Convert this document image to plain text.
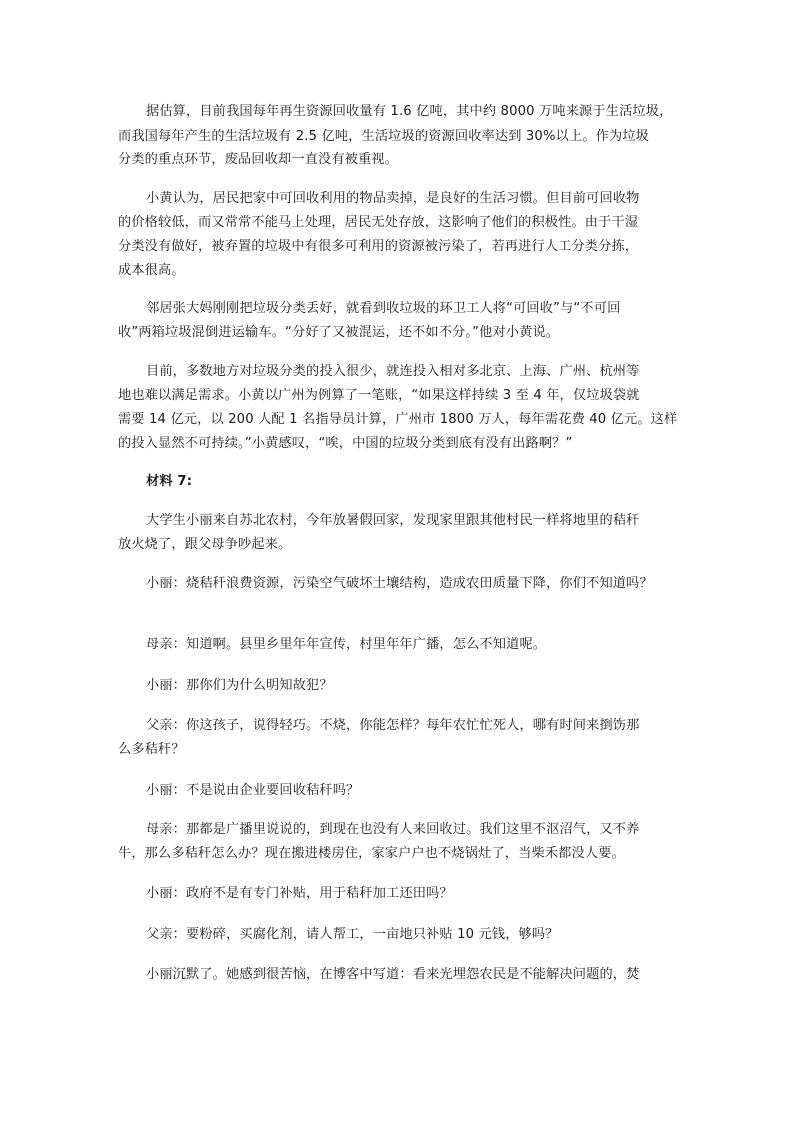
据估算，目前我国每年再生资源回收量有 1.6 亿吨，其中约 8000 万吨来源于生活垃圾，

而我国每年产生的生活垃圾有 2.5 亿吨，生活垃圾的资源回收率达到 30%以上。作为垃圾

分类的重点环节，废品回收却一直没有被重视。

小黄认为，居民把家中可回收利用的物品卖掉，是良好的生活习惯。但目前可回收物

的价格较低，而又常常不能马上处理，居民无处存放，这影响了他们的积极性。由于干湿

分类没有做好，被弃置的垃圾中有很多可利用的资源被污染了，若再进行人工分类分拣，

成本很高。

邻居张大妈刚刚把垃圾分类丢好，就看到收垃圾的环卫工人将“可回收”与“不可回

收”两箱垃圾混倒进运输车。“分好了又被混运，还不如不分。”他对小黄说。

目前，多数地方对垃圾分类的投入很少，就连投入相对多北京、上海、广州、杭州等

地也难以满足需求。小黄以广州为例算了一笔账，“如果这样持续 3 至 4 年，仅垃圾袋就

需要 14 亿元，以 200 人配 1 名指导员计算，广州市 1800 万人，每年需花费 40 亿元。这样

的投入显然不可持续。”小黄感叹，“唉，中国的垃圾分类到底有没有出路啊？”

材料 7:

大学生小丽来自苏北农村，今年放暑假回家，发现家里跟其他村民一样将地里的秸秆

放火烧了，跟父母争吵起来。

小丽：烧秸秆浪费资源，污染空气破坏土壤结构，造成农田质量下降，你们不知道吗？

母亲：知道啊。县里乡里年年宣传，村里年年广播，怎么不知道呢。

小丽：那你们为什么明知故犯？

父亲：你这孩子，说得轻巧。不烧，你能怎样？每年农忙忙死人，哪有时间来捯饬那

么多秸秆？

小丽：不是说由企业要回收秸秆吗？

母亲：那都是广播里说说的，到现在也没有人来回收过。我们这里不沤沼气，又不养

牛，那么多秸秆怎么办？现在搬进楼房住，家家户户也不烧锅灶了，当柴禾都没人要。

小丽：政府不是有专门补贴，用于秸秆加工还田吗？

父亲：要粉碎，买腐化剂，请人帮工，一亩地只补贴 10 元钱，够吗？

小丽沉默了。她感到很苦恼，在博客中写道：看来光埋怨农民是不能解决问题的，焚
